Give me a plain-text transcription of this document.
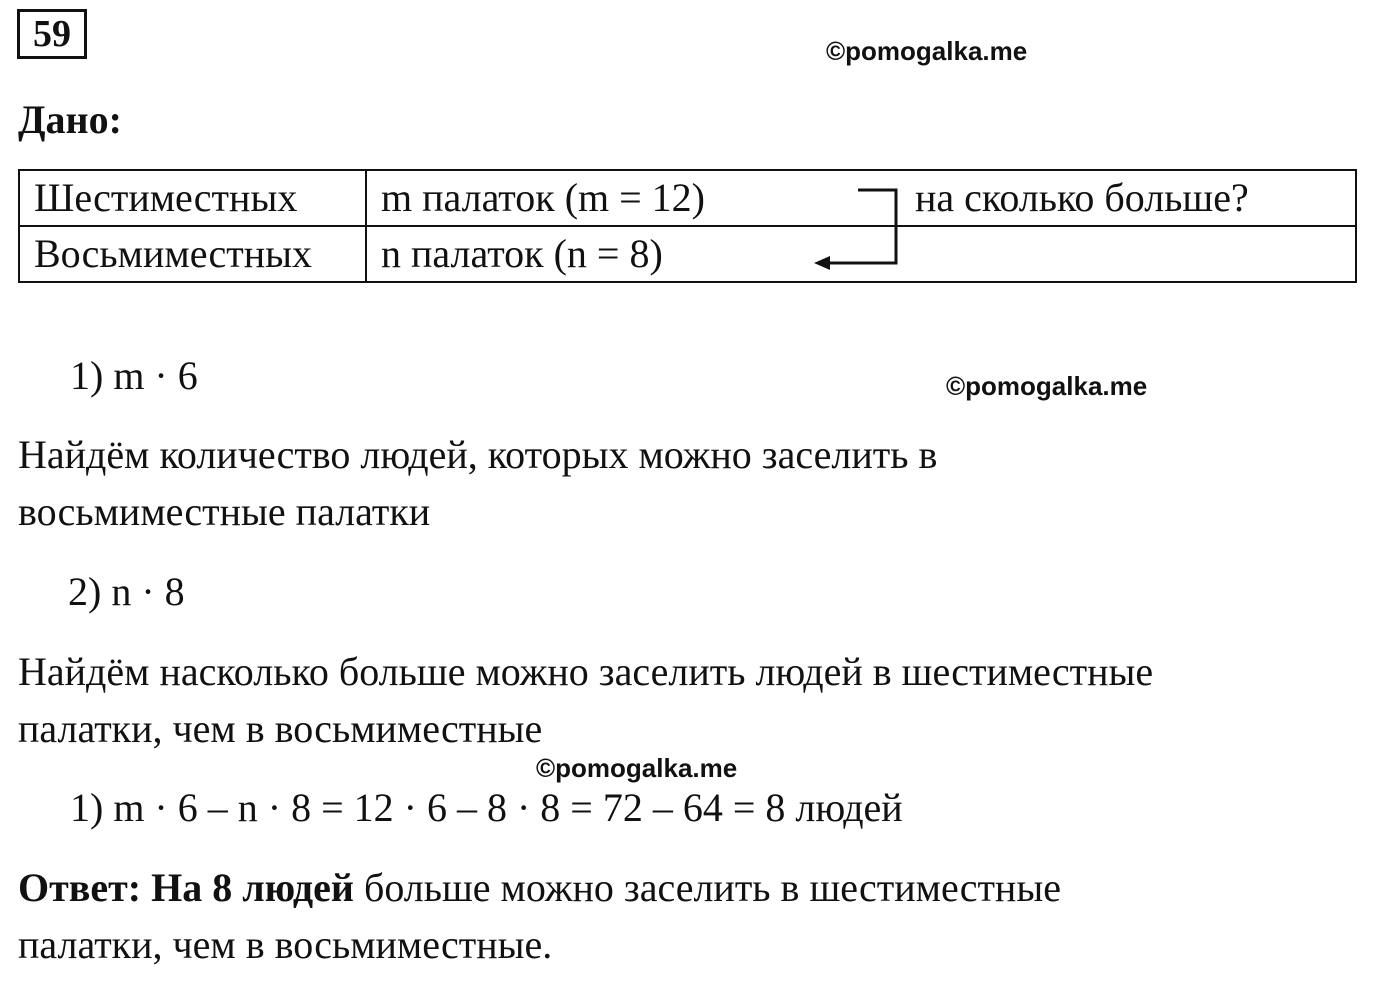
59	©pomogalka.me
©pomogalka.me
©pomogalka.me
Дано:
Шестиместных	m палаток (m = 12)	на сколько больше?
Восьмиместных	n палаток (n = 8)	
1) m · 6
Найдём количество людей, которых можно заселить в
восьмиместные палатки
2) n · 8
Найдём насколько больше можно заселить людей в шестиместные
палатки, чем в восьмиместные
1) m · 6 – n · 8 = 12 · 6 – 8 · 8 = 72 – 64 = 8 людей
Ответ: На 8 людей больше можно заселить в шестиместные
палатки, чем в восьмиместные.
